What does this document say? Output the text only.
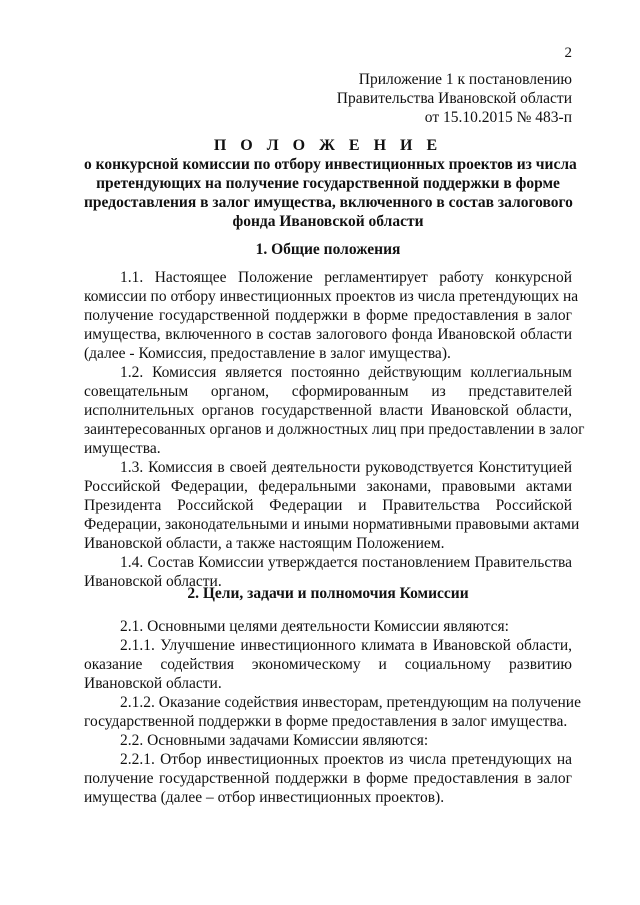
2
Приложение 1 к постановлению
Правительства Ивановской области
от 15.10.2015 № 483-п
П О Л О Ж Е Н И Е
о конкурсной комиссии по отбору инвестиционных проектов из числа
претендующих на получение государственной поддержки в форме
предоставления в залог имущества, включенного в состав залогового
фонда Ивановской области
1. Общие положения
1.1. Настоящее Положение регламентирует работу конкурсной
комиссии по отбору инвестиционных проектов из числа претендующих на
получение государственной поддержки в форме предоставления в залог
имущества, включенного в состав залогового фонда Ивановской области
(далее - Комиссия, предоставление в залог имущества).
1.2. Комиссия является постоянно действующим коллегиальным
совещательным органом, сформированным из представителей
исполнительных органов государственной власти Ивановской области,
заинтересованных органов и должностных лиц при предоставлении в залог
имущества.
1.3. Комиссия в своей деятельности руководствуется Конституцией
Российской Федерации, федеральными законами, правовыми актами
Президента Российской Федерации и Правительства Российской
Федерации, законодательными и иными нормативными правовыми актами
Ивановской области, а также настоящим Положением.
1.4. Состав Комиссии утверждается постановлением Правительства
Ивановской области.
2. Цели, задачи и полномочия Комиссии
2.1. Основными целями деятельности Комиссии являются:
2.1.1. Улучшение инвестиционного климата в Ивановской области,
оказание содействия экономическому и социальному развитию
Ивановской области.
2.1.2. Оказание содействия инвесторам, претендующим на получение
государственной поддержки в форме предоставления в залог имущества.
2.2. Основными задачами Комиссии являются:
2.2.1. Отбор инвестиционных проектов из числа претендующих на
получение государственной поддержки в форме предоставления в залог
имущества (далее – отбор инвестиционных проектов).
